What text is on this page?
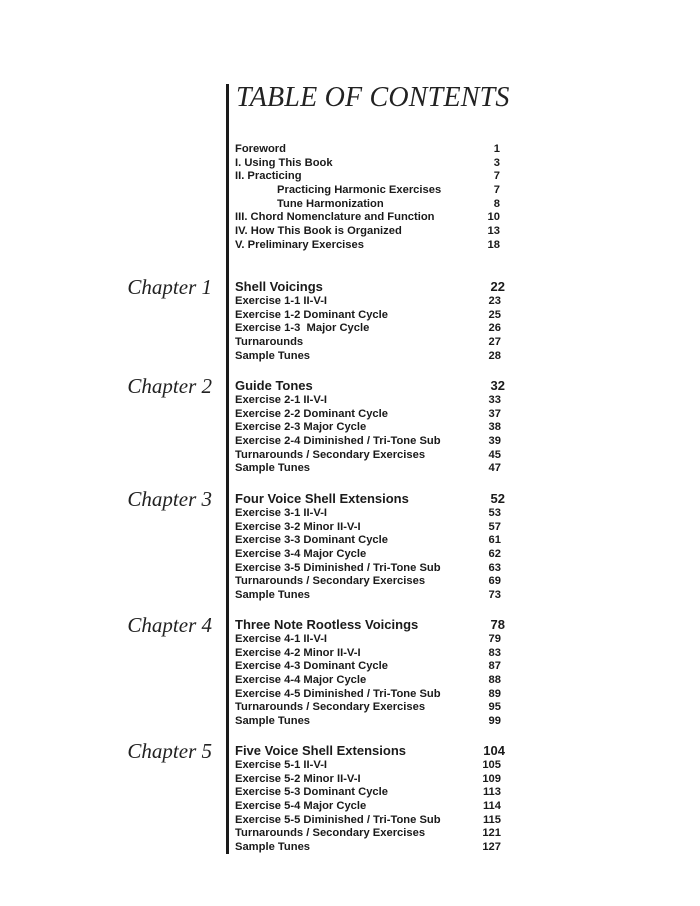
TABLE OF CONTENTS
Foreword	1
I. Using This Book	3
II. Practicing	7
Practicing Harmonic Exercises	7
Tune Harmonization	8
III. Chord Nomenclature and Function	10
IV. How This Book is Organized	13
V. Preliminary Exercises	18
Chapter 1 Shell Voicings	22
Exercise 1-1 II-V-I	23
Exercise 1-2 Dominant Cycle	25
Exercise 1-3  Major Cycle	26
Turnarounds	27
Sample Tunes	28
Chapter 2 Guide Tones	32
Exercise 2-1 II-V-I	33
Exercise 2-2 Dominant Cycle	37
Exercise 2-3 Major Cycle	38
Exercise 2-4 Diminished / Tri-Tone Sub	39
Turnarounds / Secondary Exercises	45
Sample Tunes	47
Chapter 3 Four Voice Shell Extensions	52
Exercise 3-1 II-V-I	53
Exercise 3-2 Minor II-V-I	57
Exercise 3-3 Dominant Cycle	61
Exercise 3-4 Major Cycle	62
Exercise 3-5 Diminished / Tri-Tone Sub	63
Turnarounds / Secondary Exercises	69
Sample Tunes	73
Chapter 4 Three Note Rootless Voicings	78
Exercise 4-1 II-V-I	79
Exercise 4-2 Minor II-V-I	83
Exercise 4-3 Dominant Cycle	87
Exercise 4-4 Major Cycle	88
Exercise 4-5 Diminished / Tri-Tone Sub	89
Turnarounds / Secondary Exercises	95
Sample Tunes	99
Chapter 5 Five Voice Shell Extensions	104
Exercise 5-1 II-V-I	105
Exercise 5-2 Minor II-V-I	109
Exercise 5-3 Dominant Cycle	113
Exercise 5-4 Major Cycle	114
Exercise 5-5 Diminished / Tri-Tone Sub	115
Turnarounds / Secondary Exercises	121
Sample Tunes	127
